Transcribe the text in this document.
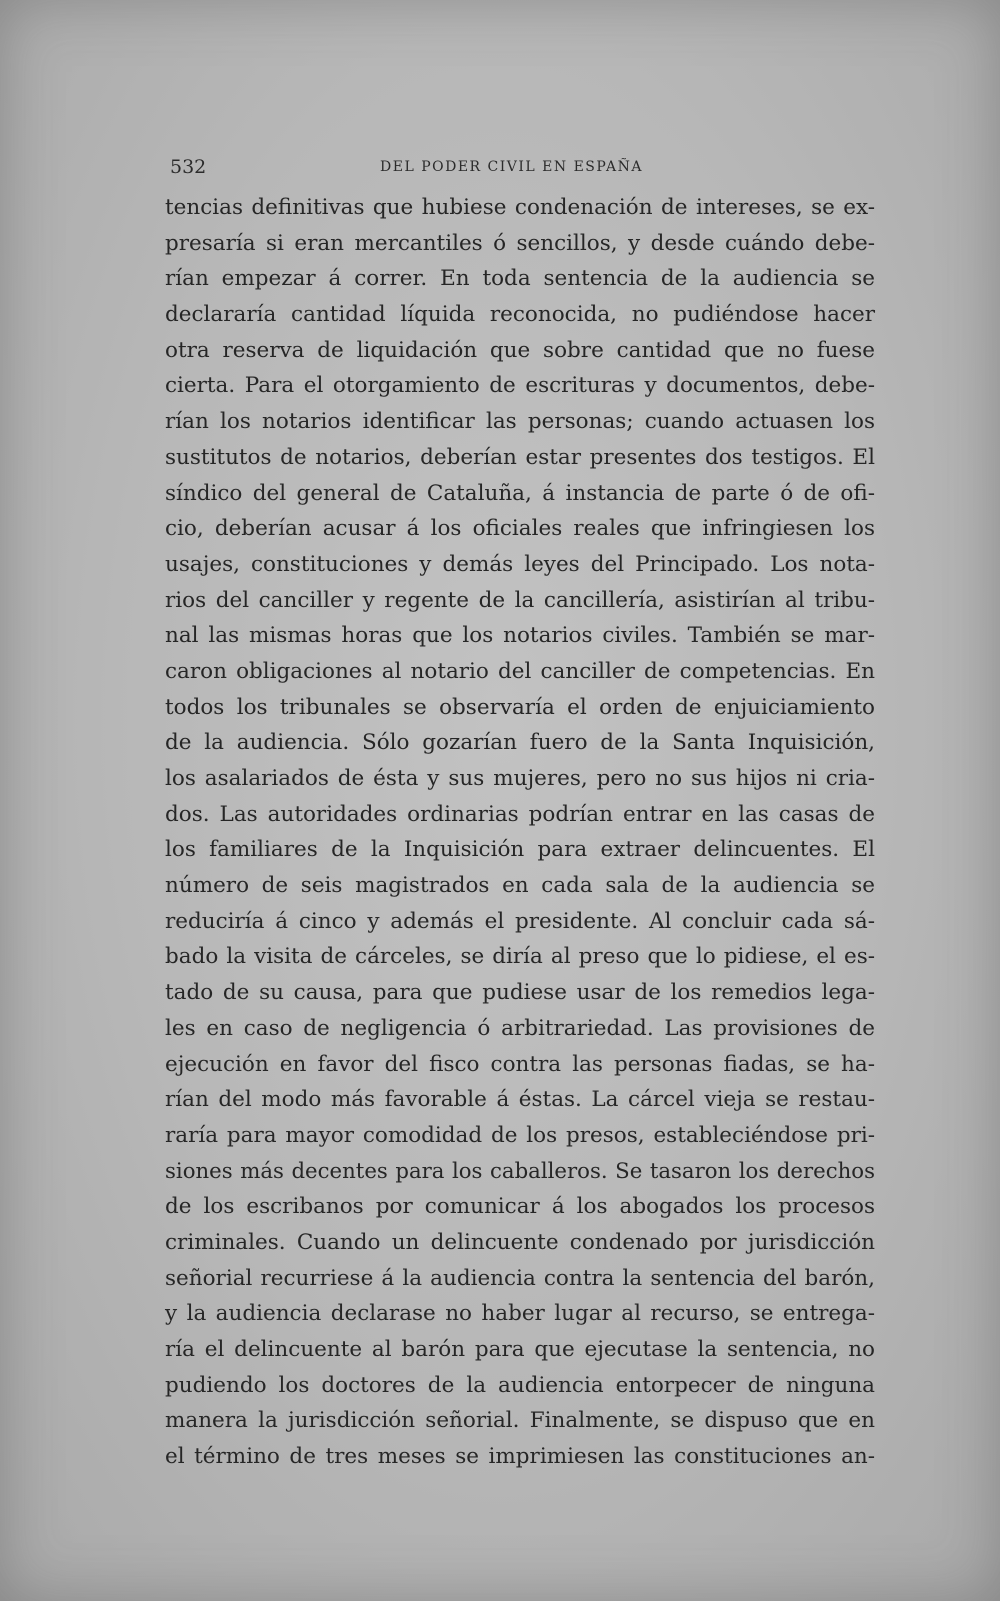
532	DEL PODER CIVIL EN ESPAÑA
tencias definitivas que hubiese condenación de intereses, se ex-
presaría si eran mercantiles ó sencillos, y desde cuándo debe-
rían empezar á correr. En toda sentencia de la audiencia se
declararía cantidad líquida reconocida, no pudiéndose hacer
otra reserva de liquidación que sobre cantidad que no fuese
cierta. Para el otorgamiento de escrituras y documentos, debe-
rían los notarios identificar las personas; cuando actuasen los
sustitutos de notarios, deberían estar presentes dos testigos. El
síndico del general de Cataluña, á instancia de parte ó de ofi-
cio, deberían acusar á los oficiales reales que infringiesen los
usajes, constituciones y demás leyes del Principado. Los nota-
rios del canciller y regente de la cancillería, asistirían al tribu-
nal las mismas horas que los notarios civiles. También se mar-
caron obligaciones al notario del canciller de competencias. En
todos los tribunales se observaría el orden de enjuiciamiento
de la audiencia. Sólo gozarían fuero de la Santa Inquisición,
los asalariados de ésta y sus mujeres, pero no sus hijos ni cria-
dos. Las autoridades ordinarias podrían entrar en las casas de
los familiares de la Inquisición para extraer delincuentes. El
número de seis magistrados en cada sala de la audiencia se
reduciría á cinco y además el presidente. Al concluir cada sá-
bado la visita de cárceles, se diría al preso que lo pidiese, el es-
tado de su causa, para que pudiese usar de los remedios lega-
les en caso de negligencia ó arbitrariedad. Las provisiones de
ejecución en favor del fisco contra las personas fiadas, se ha-
rían del modo más favorable á éstas. La cárcel vieja se restau-
raría para mayor comodidad de los presos, estableciéndose pri-
siones más decentes para los caballeros. Se tasaron los derechos
de los escribanos por comunicar á los abogados los procesos
criminales. Cuando un delincuente condenado por jurisdicción
señorial recurriese á la audiencia contra la sentencia del barón,
y la audiencia declarase no haber lugar al recurso, se entrega-
ría el delincuente al barón para que ejecutase la sentencia, no
pudiendo los doctores de la audiencia entorpecer de ninguna
manera la jurisdicción señorial. Finalmente, se dispuso que en
el término de tres meses se imprimiesen las constituciones an-
